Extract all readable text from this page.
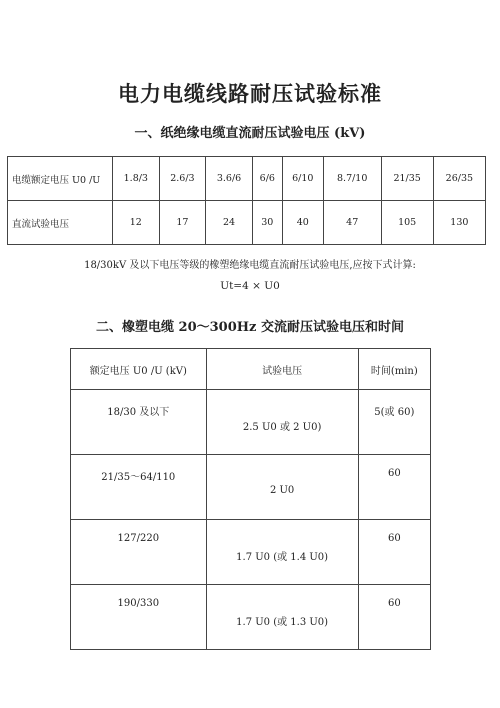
电力电缆线路耐压试验标准
一、纸绝缘电缆直流耐压试验电压 (kV)
电缆额定电压 U0 /U	1.8/3	2.6/3	3.6/6	6/6	6/10	8.7/10	21/35	26/35
直流试验电压	12	17	24	30	40	47	105	130
18/30kV 及以下电压等级的橡塑绝缘电缆直流耐压试验电压,应按下式计算:
Ut=4 × U0
二、橡塑电缆 20～300Hz 交流耐压试验电压和时间
额定电压 U0 /U (kV)	试验电压	时间(min)
18/30 及以下	2.5 U0 或 2 U0)	5(或 60)
21/35～64/110	2 U0	60
127/220	1.7 U0 (或 1.4 U0)	60
190/330	1.7 U0 (或 1.3 U0)	60
